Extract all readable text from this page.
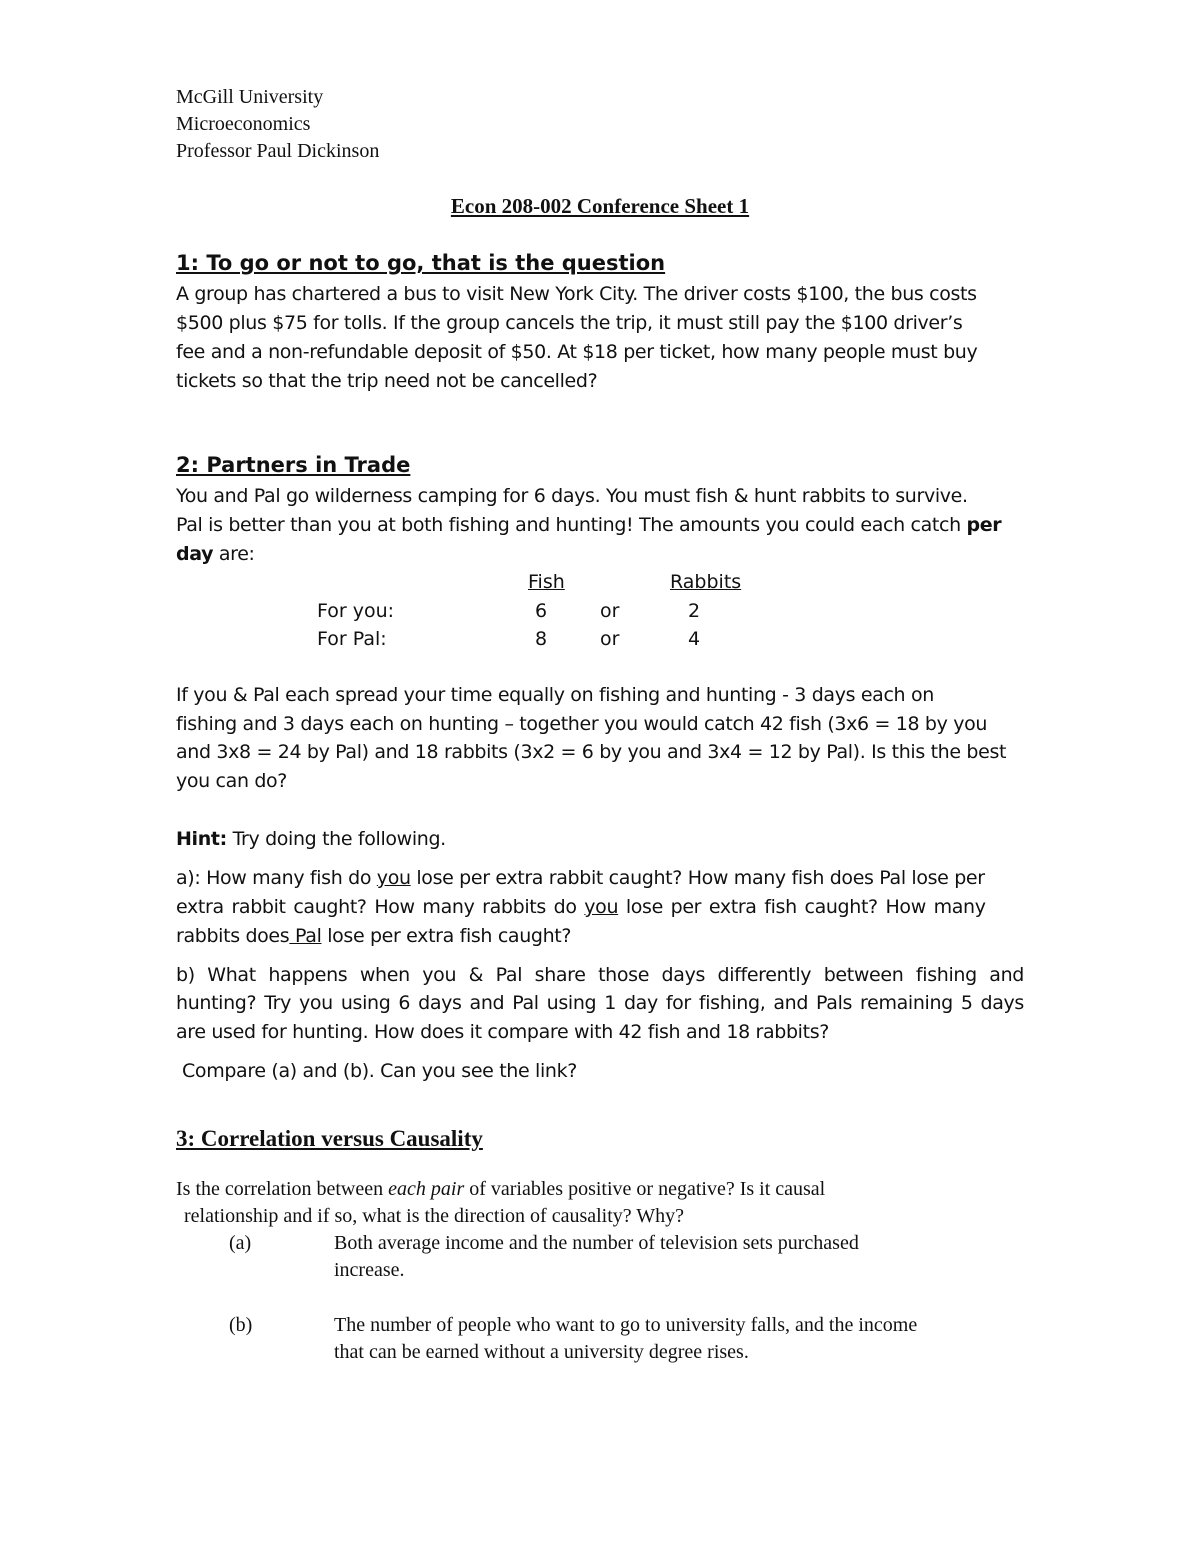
McGill University
Microeconomics
Professor Paul Dickinson
Econ 208-002 Conference Sheet 1
1: To go or not to go, that is the question
A group has chartered a bus to visit New York City. The driver costs $100, the bus costs
$500 plus $75 for tolls. If the group cancels the trip, it must still pay the $100 driver’s
fee and a non-refundable deposit of $50. At $18 per ticket, how many people must buy
tickets so that the trip need not be cancelled?
2: Partners in Trade
You and Pal go wilderness camping for 6 days. You must fish & hunt rabbits to survive.
Pal is better than you at both fishing and hunting! The amounts you could each catch per
day are:
Fish	Rabbits
For you:	6	or	2
For Pal:	8	or	4
If you & Pal each spread your time equally on fishing and hunting - 3 days each on
fishing and 3 days each on hunting – together you would catch 42 fish (3x6 = 18 by you
and 3x8 = 24 by Pal) and 18 rabbits (3x2 = 6 by you and 3x4 = 12 by Pal). Is this the best
you can do?
Hint: Try doing the following.
a): How many fish do you lose per extra rabbit caught? How many fish does Pal lose per
extra rabbit caught? How many rabbits do you lose per extra fish caught? How many
rabbits does Pal lose per extra fish caught?
b) What happens when you & Pal share those days differently between fishing and
hunting? Try you using 6 days and Pal using 1 day for fishing, and Pals remaining 5 days
are used for hunting. How does it compare with 42 fish and 18 rabbits?
Compare (a) and (b). Can you see the link?
3: Correlation versus Causality
Is the correlation between each pair of variables positive or negative? Is it causal
relationship and if so, what is the direction of causality? Why?
(a)	Both average income and the number of television sets purchased
increase.
(b)	The number of people who want to go to university falls, and the income
that can be earned without a university degree rises.
